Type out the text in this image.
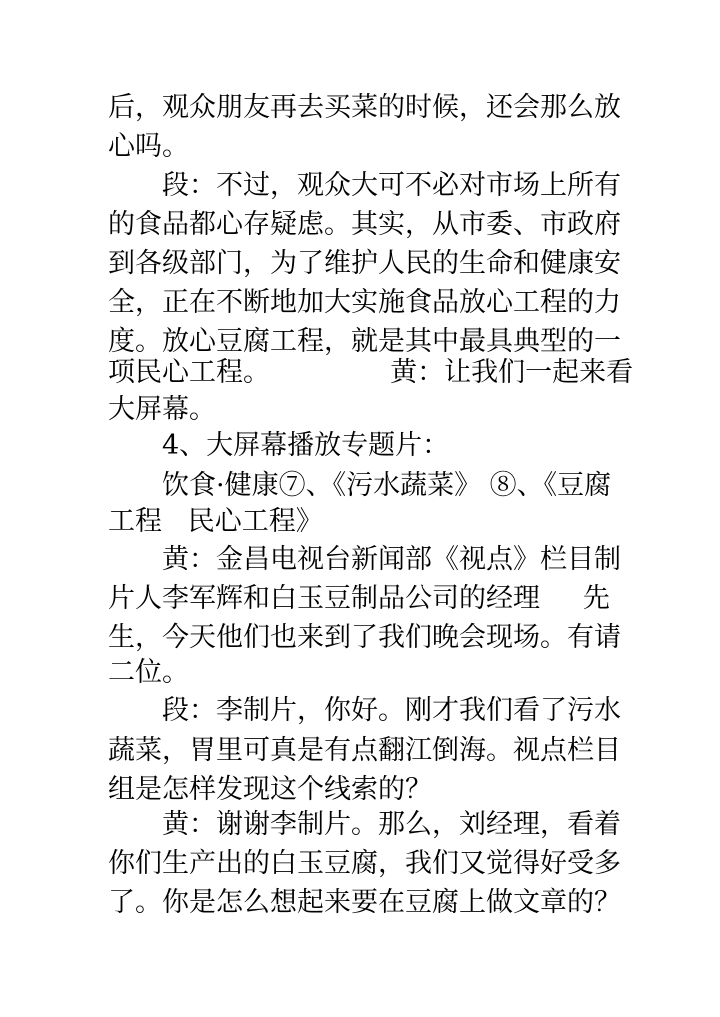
后，观众朋友再去买菜的时候，还会那么放
心吗。
段：不过，观众大可不必对市场上所有
的食品都心存疑虑。其实，从市委、市政府
到各级部门，为了维护人民的生命和健康安
全，正在不断地加大实施食品放心工程的力
度。放心豆腐工程，就是其中最具典型的一
项民心工程。              黄：让我们一起来看
大屏幕。
4、大屏幕播放专题片：
饮食·健康⑦、《污水蔬菜》 ⑧、《豆腐
工程   民心工程》
黄：金昌电视台新闻部《视点》栏目制
片人李军辉和白玉豆制品公司的经理     先
生，今天他们也来到了我们晚会现场。有请
二位。
段：李制片，你好。刚才我们看了污水
蔬菜，胃里可真是有点翻江倒海。视点栏目
组是怎样发现这个线索的？
黄：谢谢李制片。那么，刘经理，看着
你们生产出的白玉豆腐，我们又觉得好受多
了。你是怎么想起来要在豆腐上做文章的？
